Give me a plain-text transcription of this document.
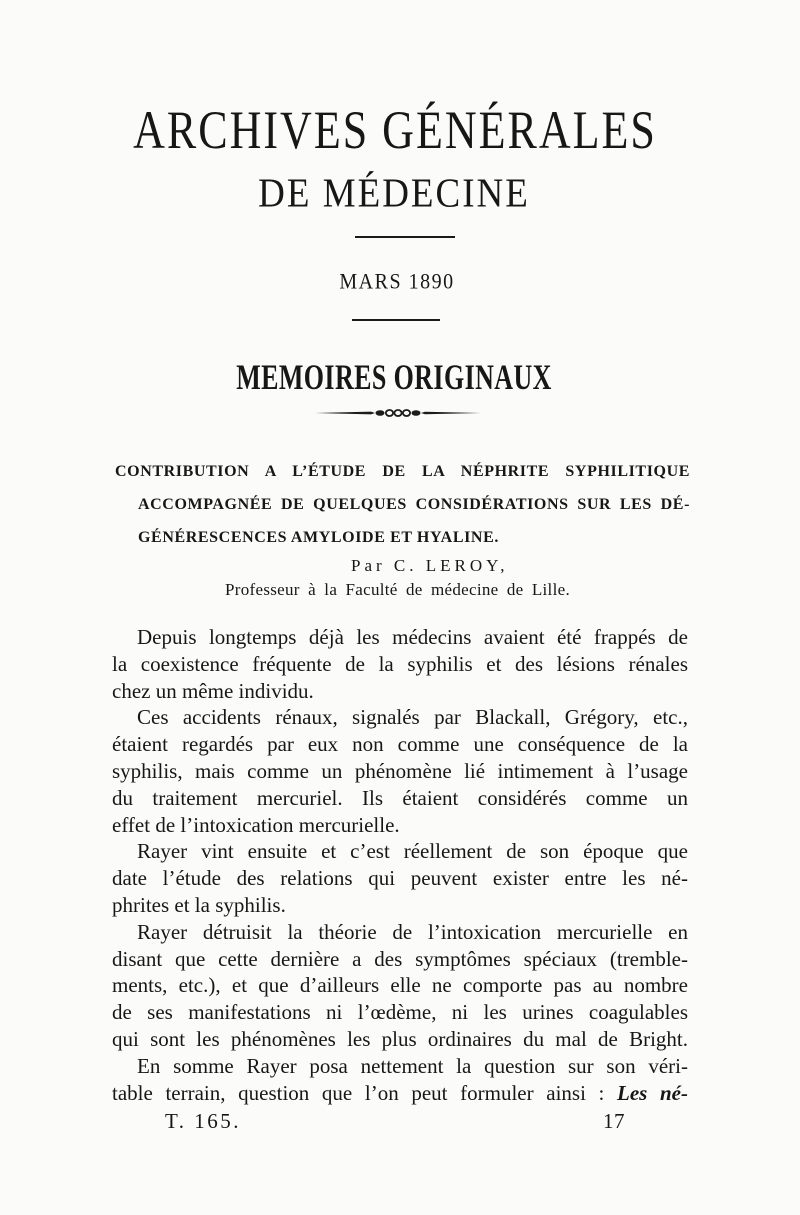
ARCHIVES GÉNÉRALES
DE MÉDECINE
MARS 1890
MEMOIRES ORIGINAUX
CONTRIBUTION A L’ÉTUDE DE LA NÉPHRITE SYPHILITIQUE
ACCOMPAGNÉE DE QUELQUES CONSIDÉRATIONS SUR LES DÉ-
GÉNÉRESCENCES AMYLOIDE ET HYALINE.
Par C. LEROY,
Professeur à la Faculté de médecine de Lille.
Depuis longtemps déjà les médecins avaient été frappés de
la coexistence fréquente de la syphilis et des lésions rénales
chez un même individu.
Ces accidents rénaux, signalés par Blackall, Grégory, etc.,
étaient regardés par eux non comme une conséquence de la
syphilis, mais comme un phénomène lié intimement à l’usage
du traitement mercuriel. Ils étaient considérés comme un
effet de l’intoxication mercurielle.
Rayer vint ensuite et c’est réellement de son époque que
date l’étude des relations qui peuvent exister entre les né-
phrites et la syphilis.
Rayer détruisit la théorie de l’intoxication mercurielle en
disant que cette dernière a des symptômes spéciaux (tremble-
ments, etc.), et que d’ailleurs elle ne comporte pas au nombre
de ses manifestations ni l’œdème, ni les urines coagulables
qui sont les phénomènes les plus ordinaires du mal de Bright.
En somme Rayer posa nettement la question sur son véri-
table terrain, question que l’on peut formuler ainsi : Les né-
T. 165.	17
